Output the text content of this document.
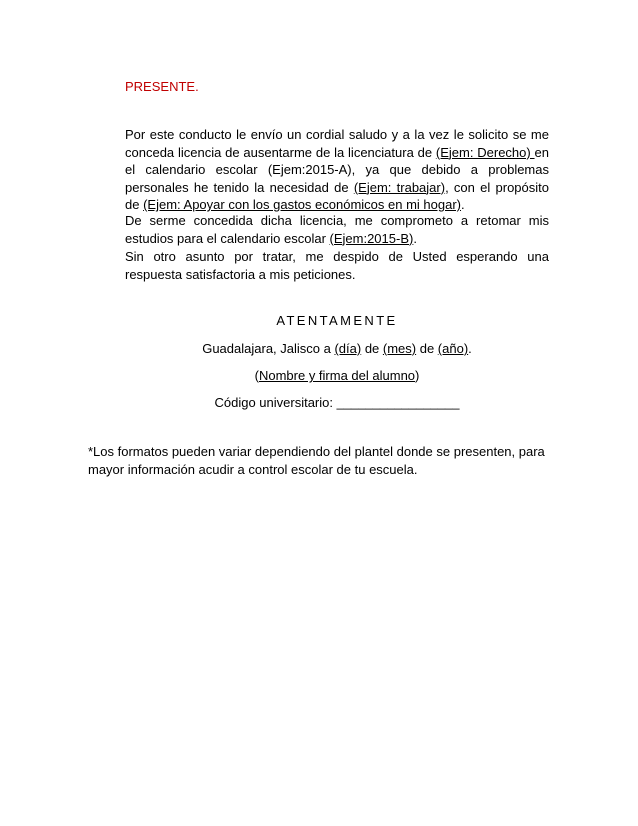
PRESENTE.

Por este conducto le envío un cordial saludo y a la vez le solicito se me conceda licencia de ausentarme de la licenciatura de (Ejem: Derecho) en el calendario escolar (Ejem:2015-A), ya que debido a problemas personales he tenido la necesidad de (Ejem: trabajar), con el propósito de (Ejem: Apoyar con los gastos económicos en mi hogar).

De serme concedida dicha licencia, me comprometo a retomar mis estudios para el calendario escolar (Ejem:2015-B).

Sin otro asunto por tratar, me despido de Usted esperando una respuesta satisfactoria a mis peticiones.

ATENTAMENTE
Guadalajara, Jalisco a (día) de (mes) de (año).
(Nombre y firma del alumno)
Código universitario: _________________
*Los formatos pueden variar dependiendo del plantel donde se presenten, para mayor información acudir a control escolar de tu escuela.
